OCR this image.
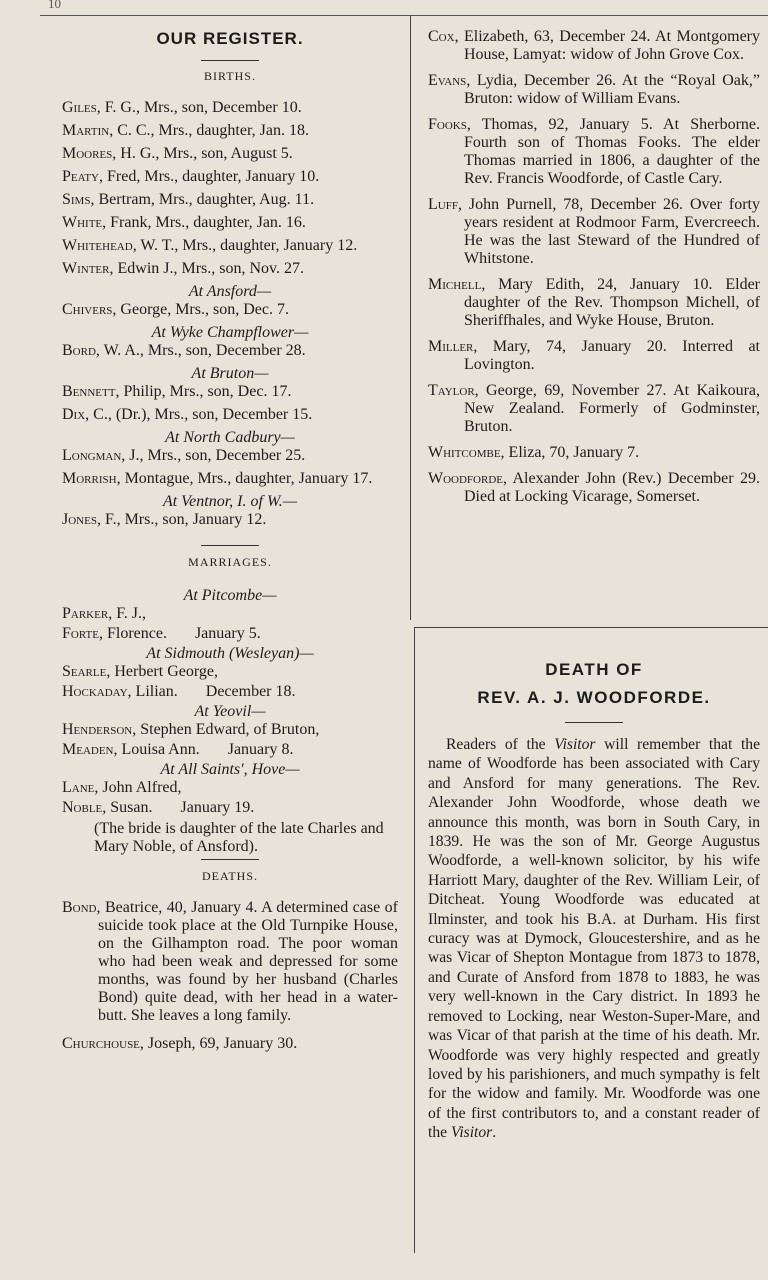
10

OUR REGISTER.

BIRTHS.

Giles, F. G., Mrs., son, December 10.

Martin, C. C., Mrs., daughter, Jan. 18.

Moores, H. G., Mrs., son, August 5.

Peaty, Fred, Mrs., daughter, January 10.

Sims, Bertram, Mrs., daughter, Aug. 11.

White, Frank, Mrs., daughter, Jan. 16.

Whitehead, W. T., Mrs., daughter, January 12.

Winter, Edwin J., Mrs., son, Nov. 27.

At Ansford—

Chivers, George, Mrs., son, Dec. 7.

At Wyke Champflower—

Bord, W. A., Mrs., son, December 28.

At Bruton—

Bennett, Philip, Mrs., son, Dec. 17.

Dix, C., (Dr.), Mrs., son, December 15.

At North Cadbury—

Longman, J., Mrs., son, December 25.

Morrish, Montague, Mrs., daughter, January 17.

At Ventnor, I. of W.—

Jones, F., Mrs., son, January 12.

MARRIAGES.

At Pitcombe—

Parker, F. J.,

Forte, Florence. January 5.

At Sidmouth (Wesleyan)—

Searle, Herbert George,

Hockaday, Lilian. December 18.

At Yeovil—

Henderson, Stephen Edward, of Bruton,

Meaden, Louisa Ann. January 8.

At All Saints', Hove—

Lane, John Alfred,

Noble, Susan. January 19.

(The bride is daughter of the late Charles and Mary Noble, of Ansford).

DEATHS.

Bond, Beatrice, 40, January 4. A determined case of suicide took place at the Old Turnpike House, on the Gilhampton road. The poor woman who had been weak and depressed for some months, was found by her husband (Charles Bond) quite dead, with her head in a water-butt. She leaves a long family.

Churchouse, Joseph, 69, January 30.

Cox, Elizabeth, 63, December 24. At Montgomery House, Lamyat: widow of John Grove Cox.

Evans, Lydia, December 26. At the “Royal Oak,” Bruton: widow of William Evans.

Fooks, Thomas, 92, January 5. At Sherborne. Fourth son of Thomas Fooks. The elder Thomas married in 1806, a daughter of the Rev. Francis Woodforde, of Castle Cary.

Luff, John Purnell, 78, December 26. Over forty years resident at Rodmoor Farm, Evercreech. He was the last Steward of the Hundred of Whitstone.

Michell, Mary Edith, 24, January 10. Elder daughter of the Rev. Thompson Michell, of Sheriffhales, and Wyke House, Bruton.

Miller, Mary, 74, January 20. Interred at Lovington.

Taylor, George, 69, November 27. At Kaikoura, New Zealand. Formerly of Godminster, Bruton.

Whitcombe, Eliza, 70, January 7.

Woodforde, Alexander John (Rev.) December 29. Died at Locking Vicarage, Somerset.

DEATH OF

REV. A. J. WOODFORDE.

Readers of the Visitor will remember that the name of Woodforde has been associated with Cary and Ansford for many generations. The Rev. Alexander John Woodforde, whose death we announce this month, was born in South Cary, in 1839. He was the son of Mr. George Augustus Woodforde, a well-known solicitor, by his wife Harriott Mary, daughter of the Rev. William Leir, of Ditcheat. Young Woodforde was educated at Ilminster, and took his B.A. at Durham. His first curacy was at Dymock, Gloucestershire, and as he was Vicar of Shepton Montague from 1873 to 1878, and Curate of Ansford from 1878 to 1883, he was very well-known in the Cary district. In 1893 he removed to Locking, near Weston-Super-Mare, and was Vicar of that parish at the time of his death. Mr. Woodforde was very highly respected and greatly loved by his parishioners, and much sympathy is felt for the widow and family. Mr. Woodforde was one of the first contributors to, and a constant reader of the Visitor.
